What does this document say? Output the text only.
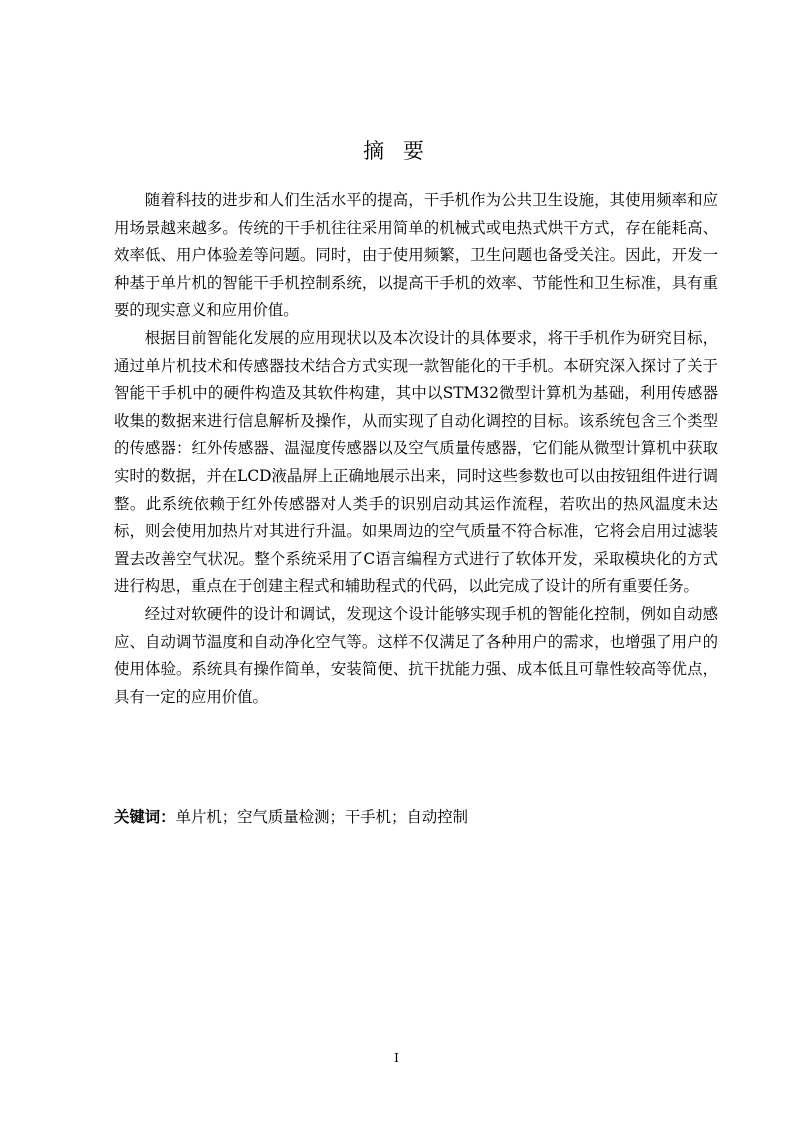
摘 要

随着科技的进步和人们生活水平的提高，干手机作为公共卫生设施，其使用频率和应用场景越来越多。传统的干手机往往采用简单的机械式或电热式烘干方式，存在能耗高、效率低、用户体验差等问题。同时，由于使用频繁，卫生问题也备受关注。因此，开发一种基于单片机的智能干手机控制系统，以提高干手机的效率、节能性和卫生标准，具有重要的现实意义和应用价值。

根据目前智能化发展的应用现状以及本次设计的具体要求，将干手机作为研究目标，通过单片机技术和传感器技术结合方式实现一款智能化的干手机。本研究深入探讨了关于智能干手机中的硬件构造及其软件构建，其中以STM32微型计算机为基础，利用传感器收集的数据来进行信息解析及操作，从而实现了自动化调控的目标。该系统包含三个类型的传感器：红外传感器、温湿度传感器以及空气质量传感器，它们能从微型计算机中获取实时的数据，并在LCD液晶屏上正确地展示出来，同时这些参数也可以由按钮组件进行调整。此系统依赖于红外传感器对人类手的识别启动其运作流程，若吹出的热风温度未达标，则会使用加热片对其进行升温。如果周边的空气质量不符合标准，它将会启用过滤装置去改善空气状况。整个系统采用了C语言编程方式进行了软体开发，采取模块化的方式进行构思，重点在于创建主程式和辅助程式的代码，以此完成了设计的所有重要任务。

经过对软硬件的设计和调试，发现这个设计能够实现手机的智能化控制，例如自动感应、自动调节温度和自动净化空气等。这样不仅满足了各种用户的需求，也增强了用户的使用体验。系统具有操作简单，安装简便、抗干扰能力强、成本低且可靠性较高等优点，具有一定的应用价值。

关键词：单片机；空气质量检测；干手机；自动控制
I
